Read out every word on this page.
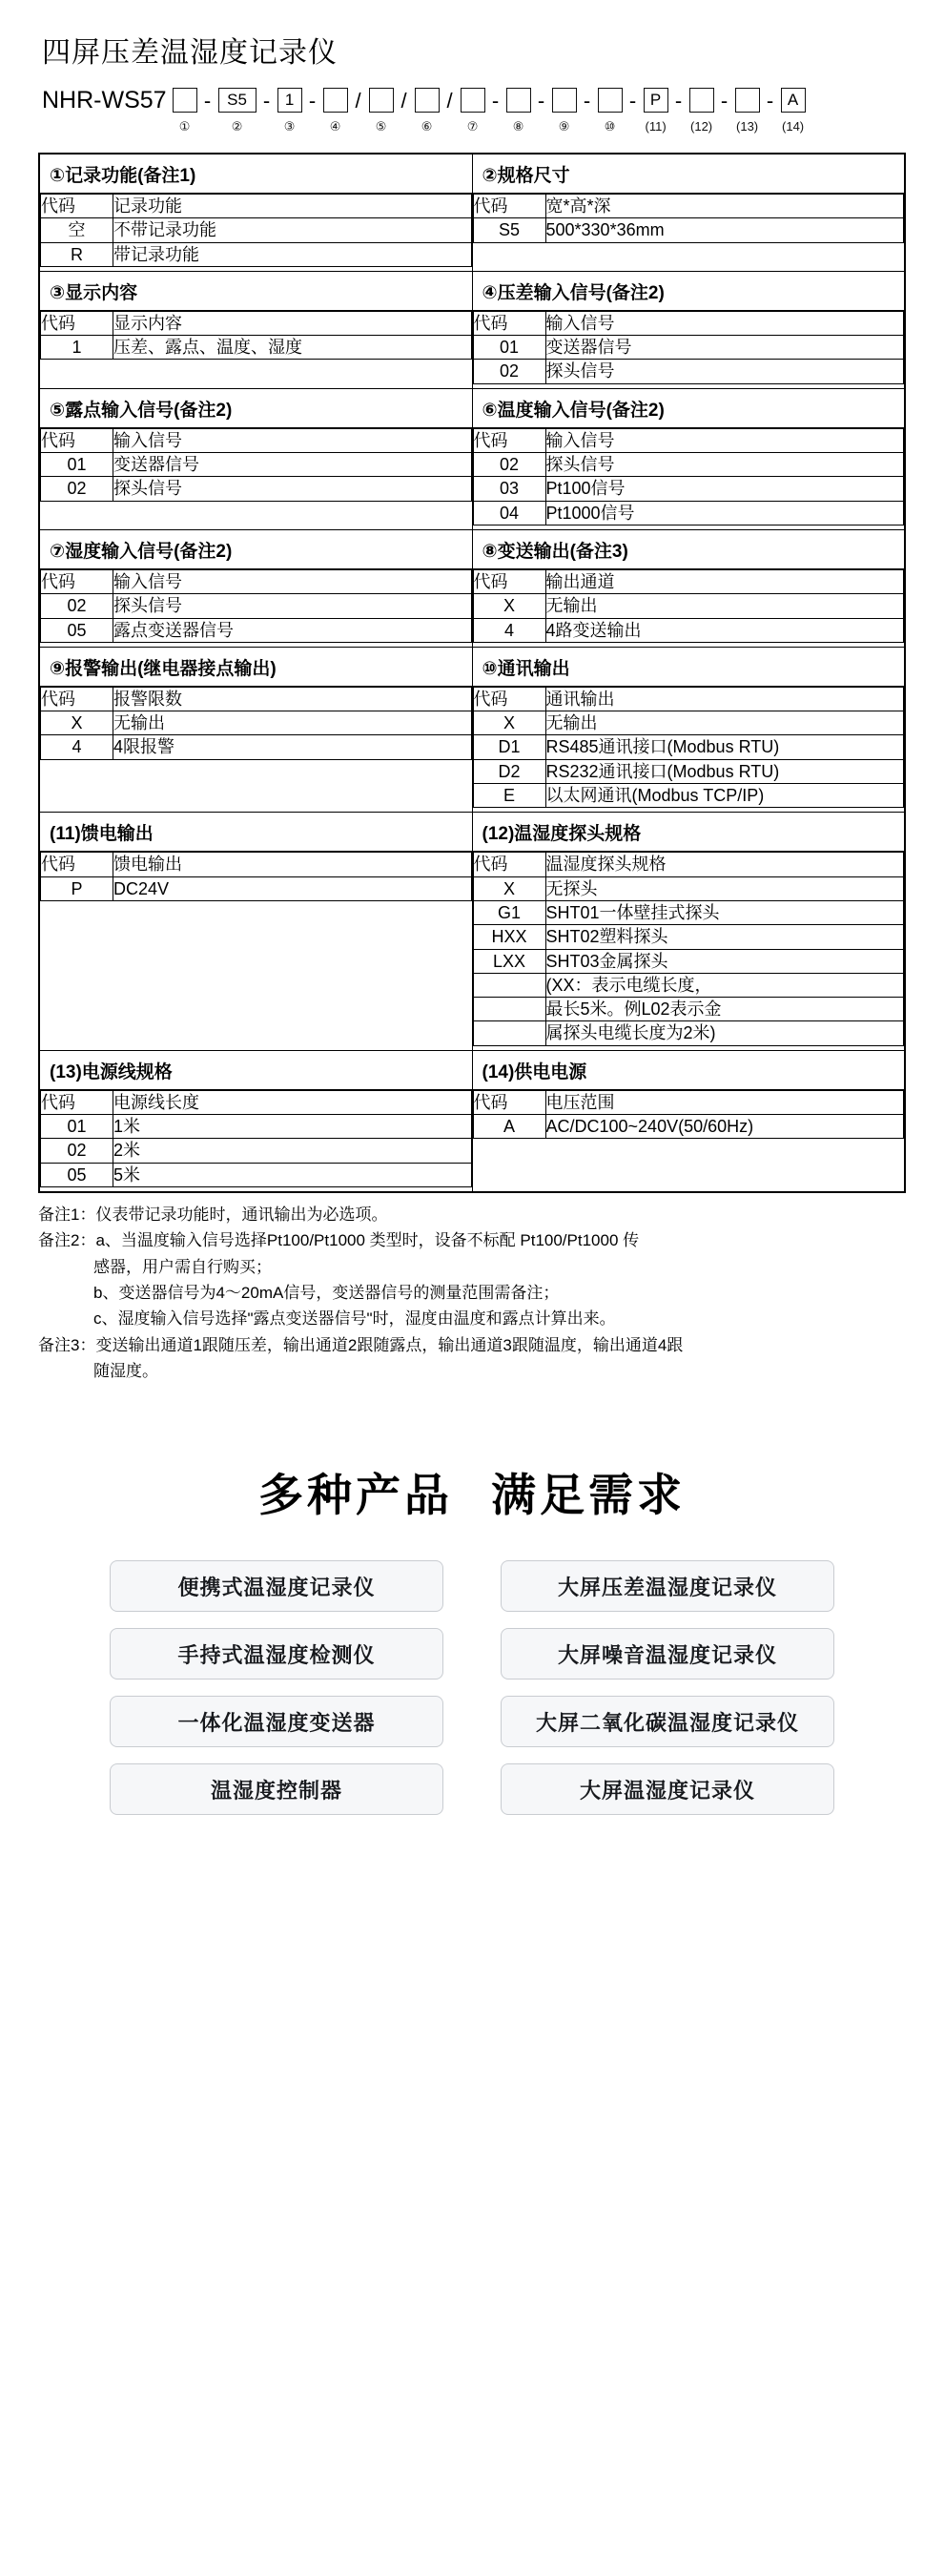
四屏压差温湿度记录仪
NHR-WS57
①
- S5
②
- 1
③
-
④
/
⑤
/
⑥
/
⑦
-
⑧
-
⑨
-
⑩
- P
(11)
-
(12)
-
(13)
- A
(14)
①记录功能(备注1)
代码	记录功能
空	不带记录功能
R	带记录功能

②规格尺寸
代码	宽*高*深
S5	500*330*36mm

③显示内容
代码	显示内容
1	压差、露点、温度、湿度

④压差输入信号(备注2)
代码	输入信号
01	变送器信号
02	探头信号

⑤露点输入信号(备注2)
代码	输入信号
01	变送器信号
02	探头信号

⑥温度输入信号(备注2)
代码	输入信号
02	探头信号
03	Pt100信号
04	Pt1000信号

⑦湿度输入信号(备注2)
代码	输入信号
02	探头信号
05	露点变送器信号

⑧变送输出(备注3)
代码	输出通道
X	无输出
4	4路变送输出

⑨报警输出(继电器接点输出)
代码	报警限数
X	无输出
4	4限报警

⑩通讯输出
代码	通讯输出
X	无输出
D1	RS485通讯接口(Modbus RTU)
D2	RS232通讯接口(Modbus RTU)
E	以太网通讯(Modbus TCP/IP)

(11)馈电输出
代码	馈电输出
P	DC24V

(12)温湿度探头规格
代码	温湿度探头规格
X	无探头
G1	SHT01一体壁挂式探头
HXX	SHT02塑料探头
LXX	SHT03金属探头
	(XX：表示电缆长度，
	最长5米。例L02表示金
	属探头电缆长度为2米)

(13)电源线规格
代码	电源线长度
01	1米
02	2米
05	5米

(14)供电电源
代码	电压范围
A	AC/DC100~240V(50/60Hz)

备注1：仪表带记录功能时，通讯输出为必选项。

备注2：a、当温度输入信号选择Pt100/Pt1000 类型时，设备不标配 Pt100/Pt1000 传

感器，用户需自行购买；

b、变送器信号为4～20mA信号，变送器信号的测量范围需备注；

c、湿度输入信号选择"露点变送器信号"时，湿度由温度和露点计算出来。

备注3：变送输出通道1跟随压差，输出通道2跟随露点，输出通道3跟随温度，输出通道4跟

随湿度。

多种产品 满足需求
便携式温湿度记录仪
手持式温湿度检测仪
一体化温湿度变送器
温湿度控制器
大屏压差温湿度记录仪
大屏噪音温湿度记录仪
大屏二氧化碳温湿度记录仪
大屏温湿度记录仪
